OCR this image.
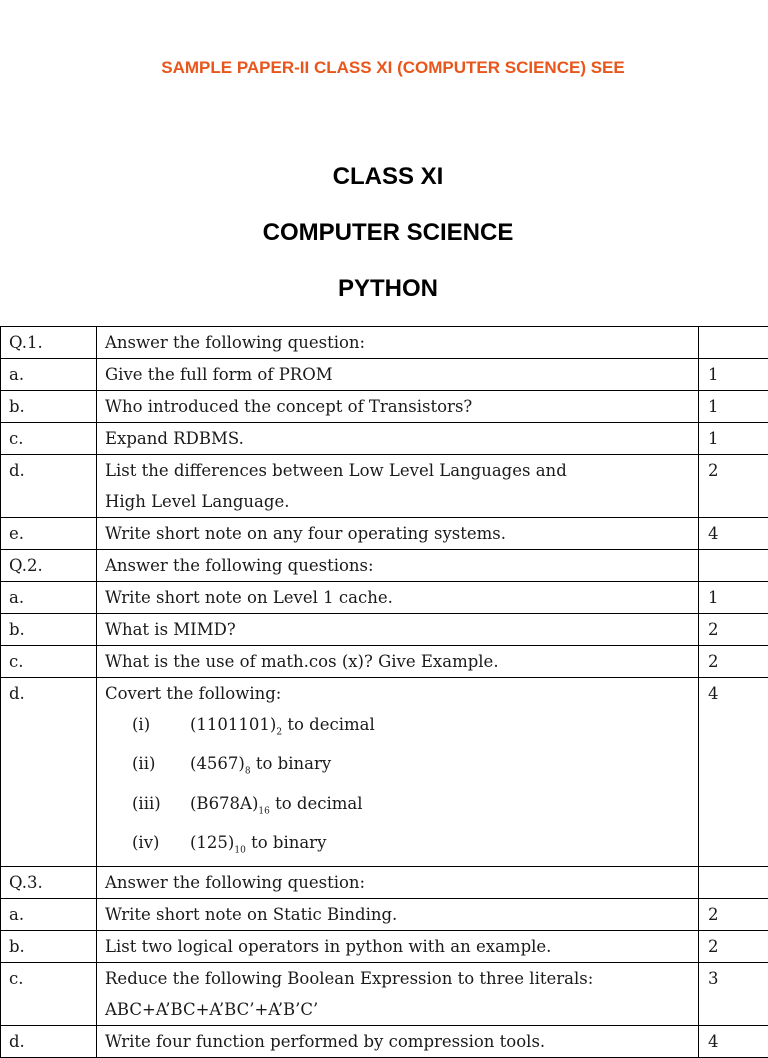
SAMPLE PAPER-II CLASS XI (COMPUTER SCIENCE) SEE
CLASS XI
COMPUTER SCIENCE
PYTHON
Q.1.	Answer the following question:	
a.	Give the full form of PROM	1
b.	Who introduced the concept of Transistors?	1
c.	Expand RDBMS.	1
d.	List the differences between Low Level Languages and
High Level Language.	2
e.	Write short note on any four operating systems.	4
Q.2.	Answer the following questions:	
a.	Write short note on Level 1 cache.	1
b.	What is MIMD?	2
c.	What is the use of math.cos (x)? Give Example.	2
d.	Covert the following:
(i) $(1101101)_2$ to decimal
(ii) $(4567)_8$ to binary
(iii) $(B678A)_{16}$ to decimal
(iv) $(125)_{10}$ to binary	4
Q.3.	Answer the following question:	
a.	Write short note on Static Binding.	2
b.	List two logical operators in python with an example.	2
c.	Reduce the following Boolean Expression to three literals:
ABC+A’BC+A’BC’+A’B’C’	3
d.	Write four function performed by compression tools.	4
